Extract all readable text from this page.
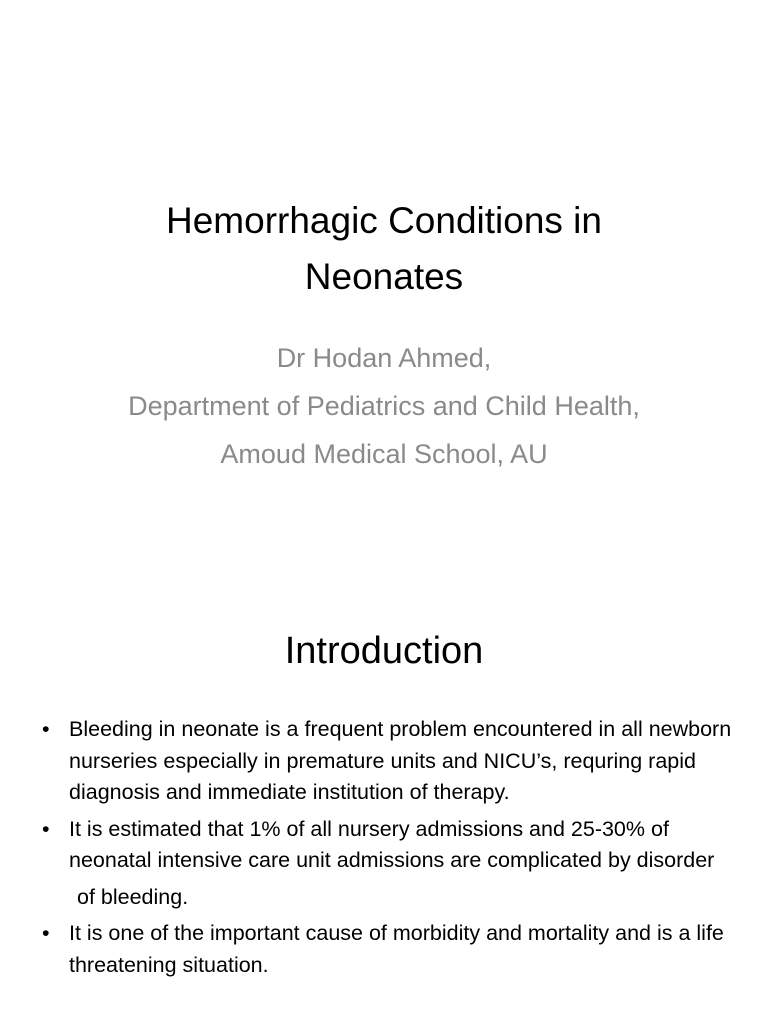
Hemorrhagic Conditions in Neonates
Dr Hodan Ahmed,
Department of Pediatrics and Child Health,
Amoud Medical School, AU
Introduction
• Bleeding in neonate is a frequent problem encountered in all newborn nurseries especially in premature units and NICU’s, requring rapid diagnosis and immediate institution of therapy.
• It is estimated that 1% of all nursery admissions and 25-30% of neonatal intensive care unit admissions are complicated by disorder
of bleeding.
• It is one of the important cause of morbidity and mortality and is a life threatening situation.
